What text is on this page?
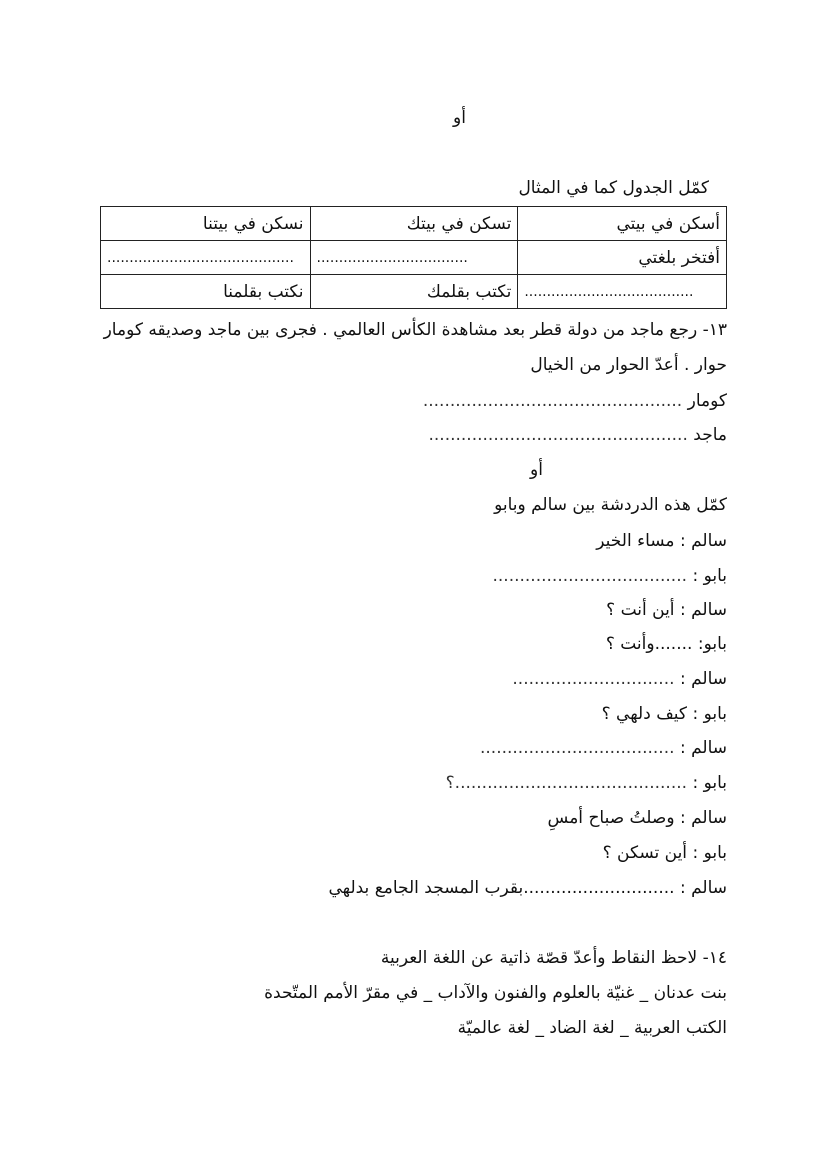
أو
كمّل الجدول كما في المثال
أسكن في بيتي	تسكن في بيتك	نسكن في بيتنا
أفتخر بلغتي	..................................	..........................................
......................................	تكتب بقلمك	نكتب بقلمنا
١٣- رجع ماجد من دولة قطر بعد مشاهدة الكأس العالمي . فجرى بين ماجد وصديقه كومار
حوار . أعدّ الحوار من الخيال
كومار ................................................
ماجد ................................................
أو
كمّل هذه الدردشة بين سالم وبابو
سالم : مساء الخير
بابو : ....................................
سالم : أين أنت ؟
بابو: .......وأنت ؟
سالم : ..............................
بابو : كيف دلهي ؟
سالم : ....................................
بابو : ...........................................؟
سالم : وصلتُ صباح أمسِ
بابو : أين تسكن ؟
سالم : ............................بقرب المسجد الجامع بدلهي
١٤- لاحظ النقاط وأعدّ قصّة ذاتية عن اللغة العربية
بنت عدنان _ غنيّة بالعلوم والفنون والآداب _ في مقرّ الأمم المتّحدة
الكتب العربية _ لغة الضاد _ لغة عالميّة
